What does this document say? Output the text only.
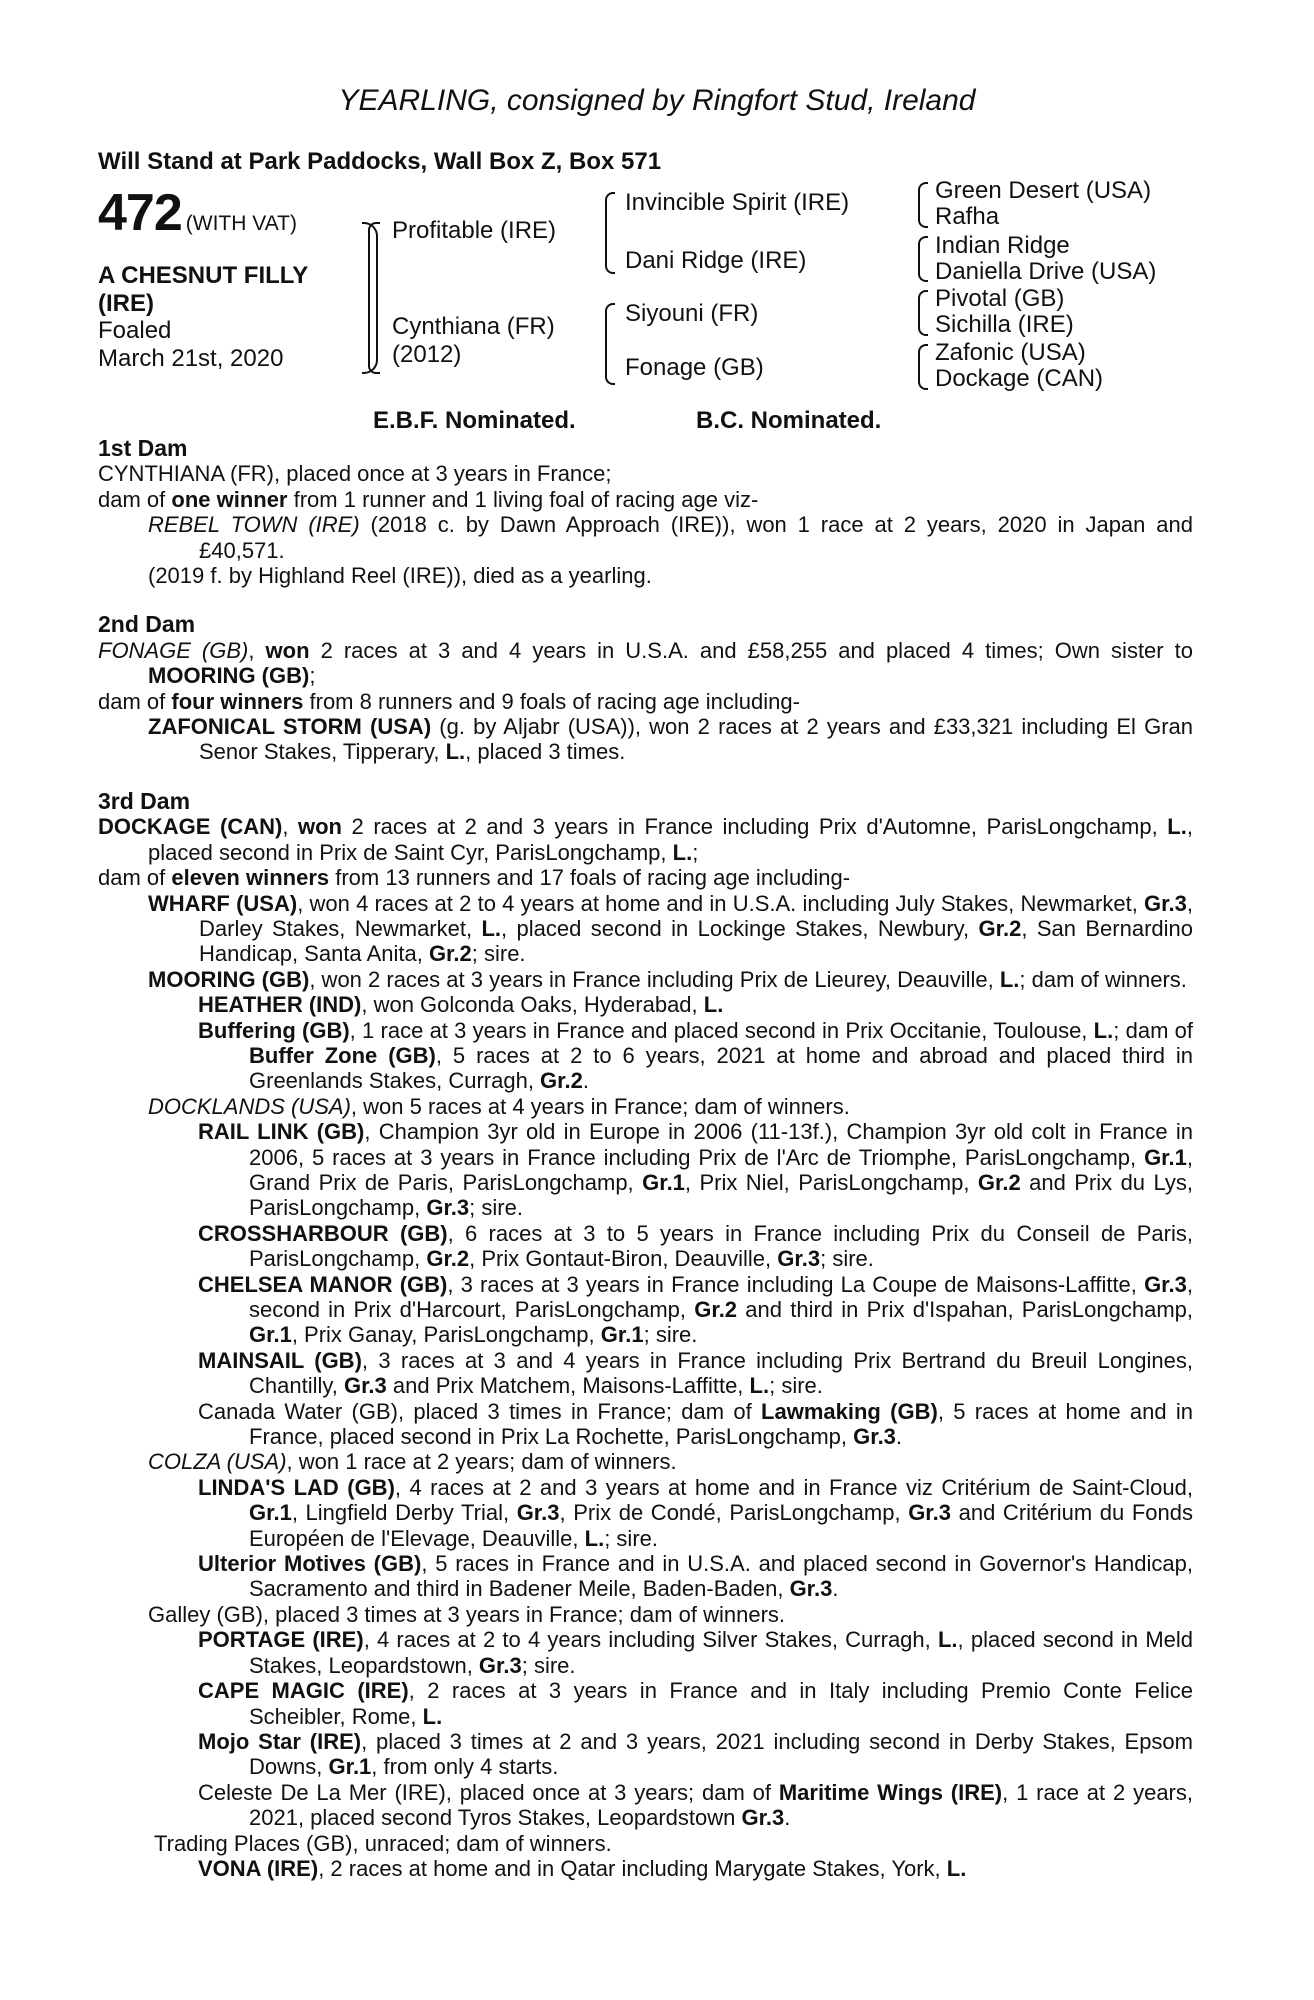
YEARLING, consigned by Ringfort Stud, Ireland
Will Stand at Park Paddocks, Wall Box Z, Box 571
472 (WITH VAT)
A CHESNUT FILLY
(IRE)
Foaled
March 21st, 2020
Profitable (IRE)
Cynthiana (FR)
(2012)
Invincible Spirit (IRE)
Dani Ridge (IRE)
Siyouni (FR)
Fonage (GB)
Green Desert (USA)
Rafha
Indian Ridge
Daniella Drive (USA)
Pivotal (GB)
Sichilla (IRE)
Zafonic (USA)
Dockage (CAN)
E.B.F. Nominated.	B.C. Nominated.
1st Dam
CYNTHIANA (FR), placed once at 3 years in France;
dam of one winner from 1 runner and 1 living foal of racing age viz-
REBEL TOWN (IRE) (2018 c. by Dawn Approach (IRE)), won 1 race at 2 years, 2020 in Japan and £40,571.
(2019 f. by Highland Reel (IRE)), died as a yearling.
2nd Dam
FONAGE (GB), won 2 races at 3 and 4 years in U.S.A. and £58,255 and placed 4 times; Own sister to MOORING (GB);
dam of four winners from 8 runners and 9 foals of racing age including-
ZAFONICAL STORM (USA) (g. by Aljabr (USA)), won 2 races at 2 years and £33,321 including El Gran Senor Stakes, Tipperary, L., placed 3 times.
3rd Dam
DOCKAGE (CAN), won 2 races at 2 and 3 years in France including Prix d'Automne, ParisLongchamp, L., placed second in Prix de Saint Cyr, ParisLongchamp, L.;
dam of eleven winners from 13 runners and 17 foals of racing age including-
WHARF (USA), won 4 races at 2 to 4 years at home and in U.S.A. including July Stakes, Newmarket, Gr.3, Darley Stakes, Newmarket, L., placed second in Lockinge Stakes, Newbury, Gr.2, San Bernardino Handicap, Santa Anita, Gr.2; sire.
MOORING (GB), won 2 races at 3 years in France including Prix de Lieurey, Deauville, L.; dam of winners.
HEATHER (IND), won Golconda Oaks, Hyderabad, L.
Buffering (GB), 1 race at 3 years in France and placed second in Prix Occitanie, Toulouse, L.; dam of Buffer Zone (GB), 5 races at 2 to 6 years, 2021 at home and abroad and placed third in Greenlands Stakes, Curragh, Gr.2.
DOCKLANDS (USA), won 5 races at 4 years in France; dam of winners.
RAIL LINK (GB), Champion 3yr old in Europe in 2006 (11-13f.), Champion 3yr old colt in France in 2006, 5 races at 3 years in France including Prix de l'Arc de Triomphe, ParisLongchamp, Gr.1, Grand Prix de Paris, ParisLongchamp, Gr.1, Prix Niel, ParisLongchamp, Gr.2 and Prix du Lys, ParisLongchamp, Gr.3; sire.
CROSSHARBOUR (GB), 6 races at 3 to 5 years in France including Prix du Conseil de Paris, ParisLongchamp, Gr.2, Prix Gontaut-Biron, Deauville, Gr.3; sire.
CHELSEA MANOR (GB), 3 races at 3 years in France including La Coupe de Maisons-Laffitte, Gr.3, second in Prix d'Harcourt, ParisLongchamp, Gr.2 and third in Prix d'Ispahan, ParisLongchamp, Gr.1, Prix Ganay, ParisLongchamp, Gr.1; sire.
MAINSAIL (GB), 3 races at 3 and 4 years in France including Prix Bertrand du Breuil Longines, Chantilly, Gr.3 and Prix Matchem, Maisons-Laffitte, L.; sire.
Canada Water (GB), placed 3 times in France; dam of Lawmaking (GB), 5 races at home and in France, placed second in Prix La Rochette, ParisLongchamp, Gr.3.
COLZA (USA), won 1 race at 2 years; dam of winners.
LINDA'S LAD (GB), 4 races at 2 and 3 years at home and in France viz Critérium de Saint-Cloud, Gr.1, Lingfield Derby Trial, Gr.3, Prix de Condé, ParisLongchamp, Gr.3 and Critérium du Fonds Européen de l'Elevage, Deauville, L.; sire.
Ulterior Motives (GB), 5 races in France and in U.S.A. and placed second in Governor's Handicap, Sacramento and third in Badener Meile, Baden-Baden, Gr.3.
Galley (GB), placed 3 times at 3 years in France; dam of winners.
PORTAGE (IRE), 4 races at 2 to 4 years including Silver Stakes, Curragh, L., placed second in Meld Stakes, Leopardstown, Gr.3; sire.
CAPE MAGIC (IRE), 2 races at 3 years in France and in Italy including Premio Conte Felice Scheibler, Rome, L.
Mojo Star (IRE), placed 3 times at 2 and 3 years, 2021 including second in Derby Stakes, Epsom Downs, Gr.1, from only 4 starts.
Celeste De La Mer (IRE), placed once at 3 years; dam of Maritime Wings (IRE), 1 race at 2 years, 2021, placed second Tyros Stakes, Leopardstown Gr.3.
Trading Places (GB), unraced; dam of winners.
VONA (IRE), 2 races at home and in Qatar including Marygate Stakes, York, L.
